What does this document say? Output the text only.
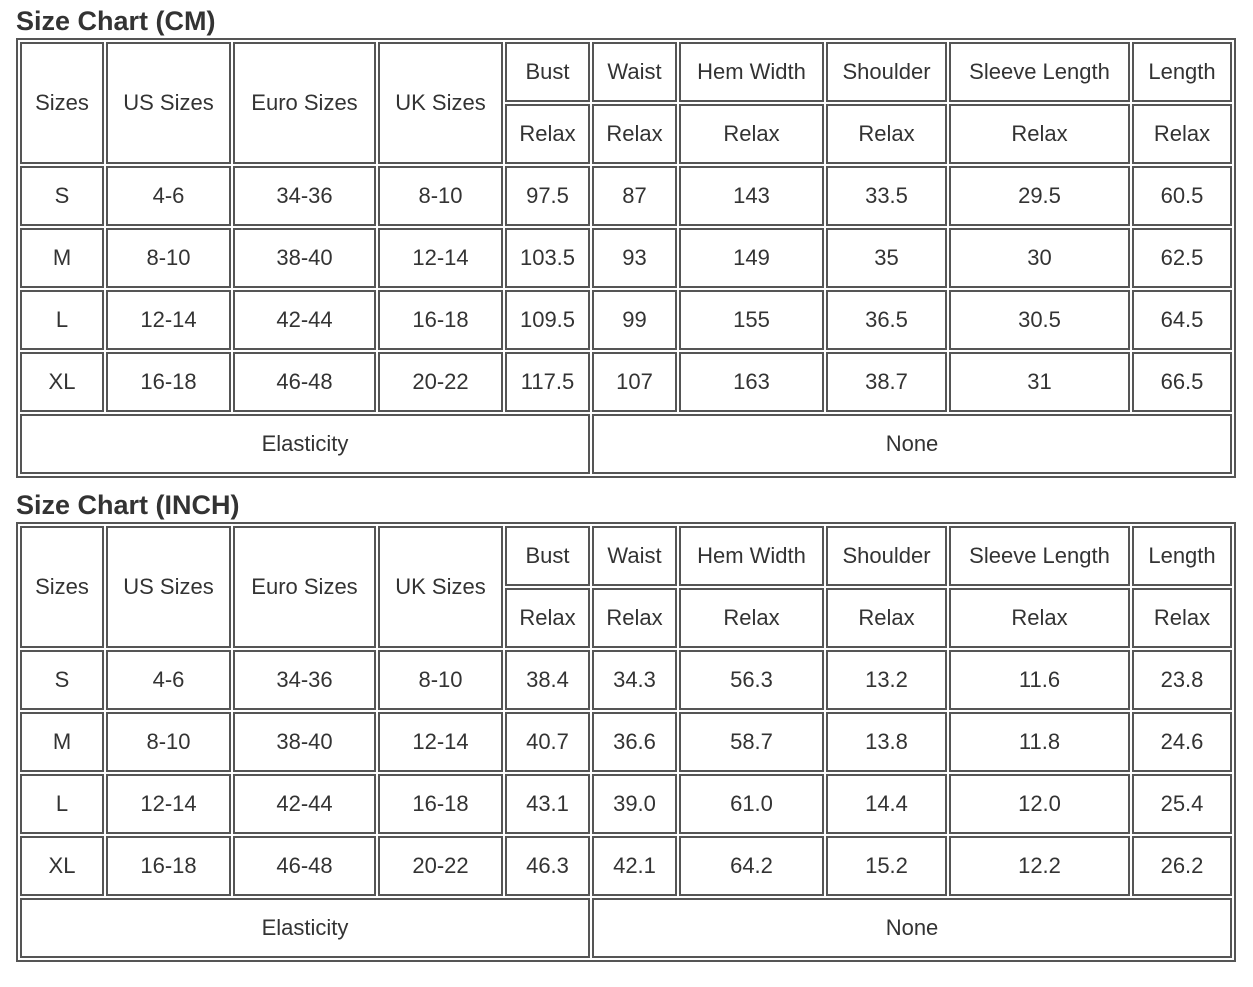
Size Chart (CM)
Sizes	US Sizes	Euro Sizes	UK Sizes	Bust	Waist	Hem Width	Shoulder	Sleeve Length	Length
				Relax	Relax	Relax	Relax	Relax	Relax
S	4-6	34-36	8-10	97.5	87	143	33.5	29.5	60.5
M	8-10	38-40	12-14	103.5	93	149	35	30	62.5
L	12-14	42-44	16-18	109.5	99	155	36.5	30.5	64.5
XL	16-18	46-48	20-22	117.5	107	163	38.7	31	66.5
Elasticity					None				
Size Chart (INCH)
Sizes	US Sizes	Euro Sizes	UK Sizes	Bust	Waist	Hem Width	Shoulder	Sleeve Length	Length
				Relax	Relax	Relax	Relax	Relax	Relax
S	4-6	34-36	8-10	38.4	34.3	56.3	13.2	11.6	23.8
M	8-10	38-40	12-14	40.7	36.6	58.7	13.8	11.8	24.6
L	12-14	42-44	16-18	43.1	39.0	61.0	14.4	12.0	25.4
XL	16-18	46-48	20-22	46.3	42.1	64.2	15.2	12.2	26.2
Elasticity					None				
